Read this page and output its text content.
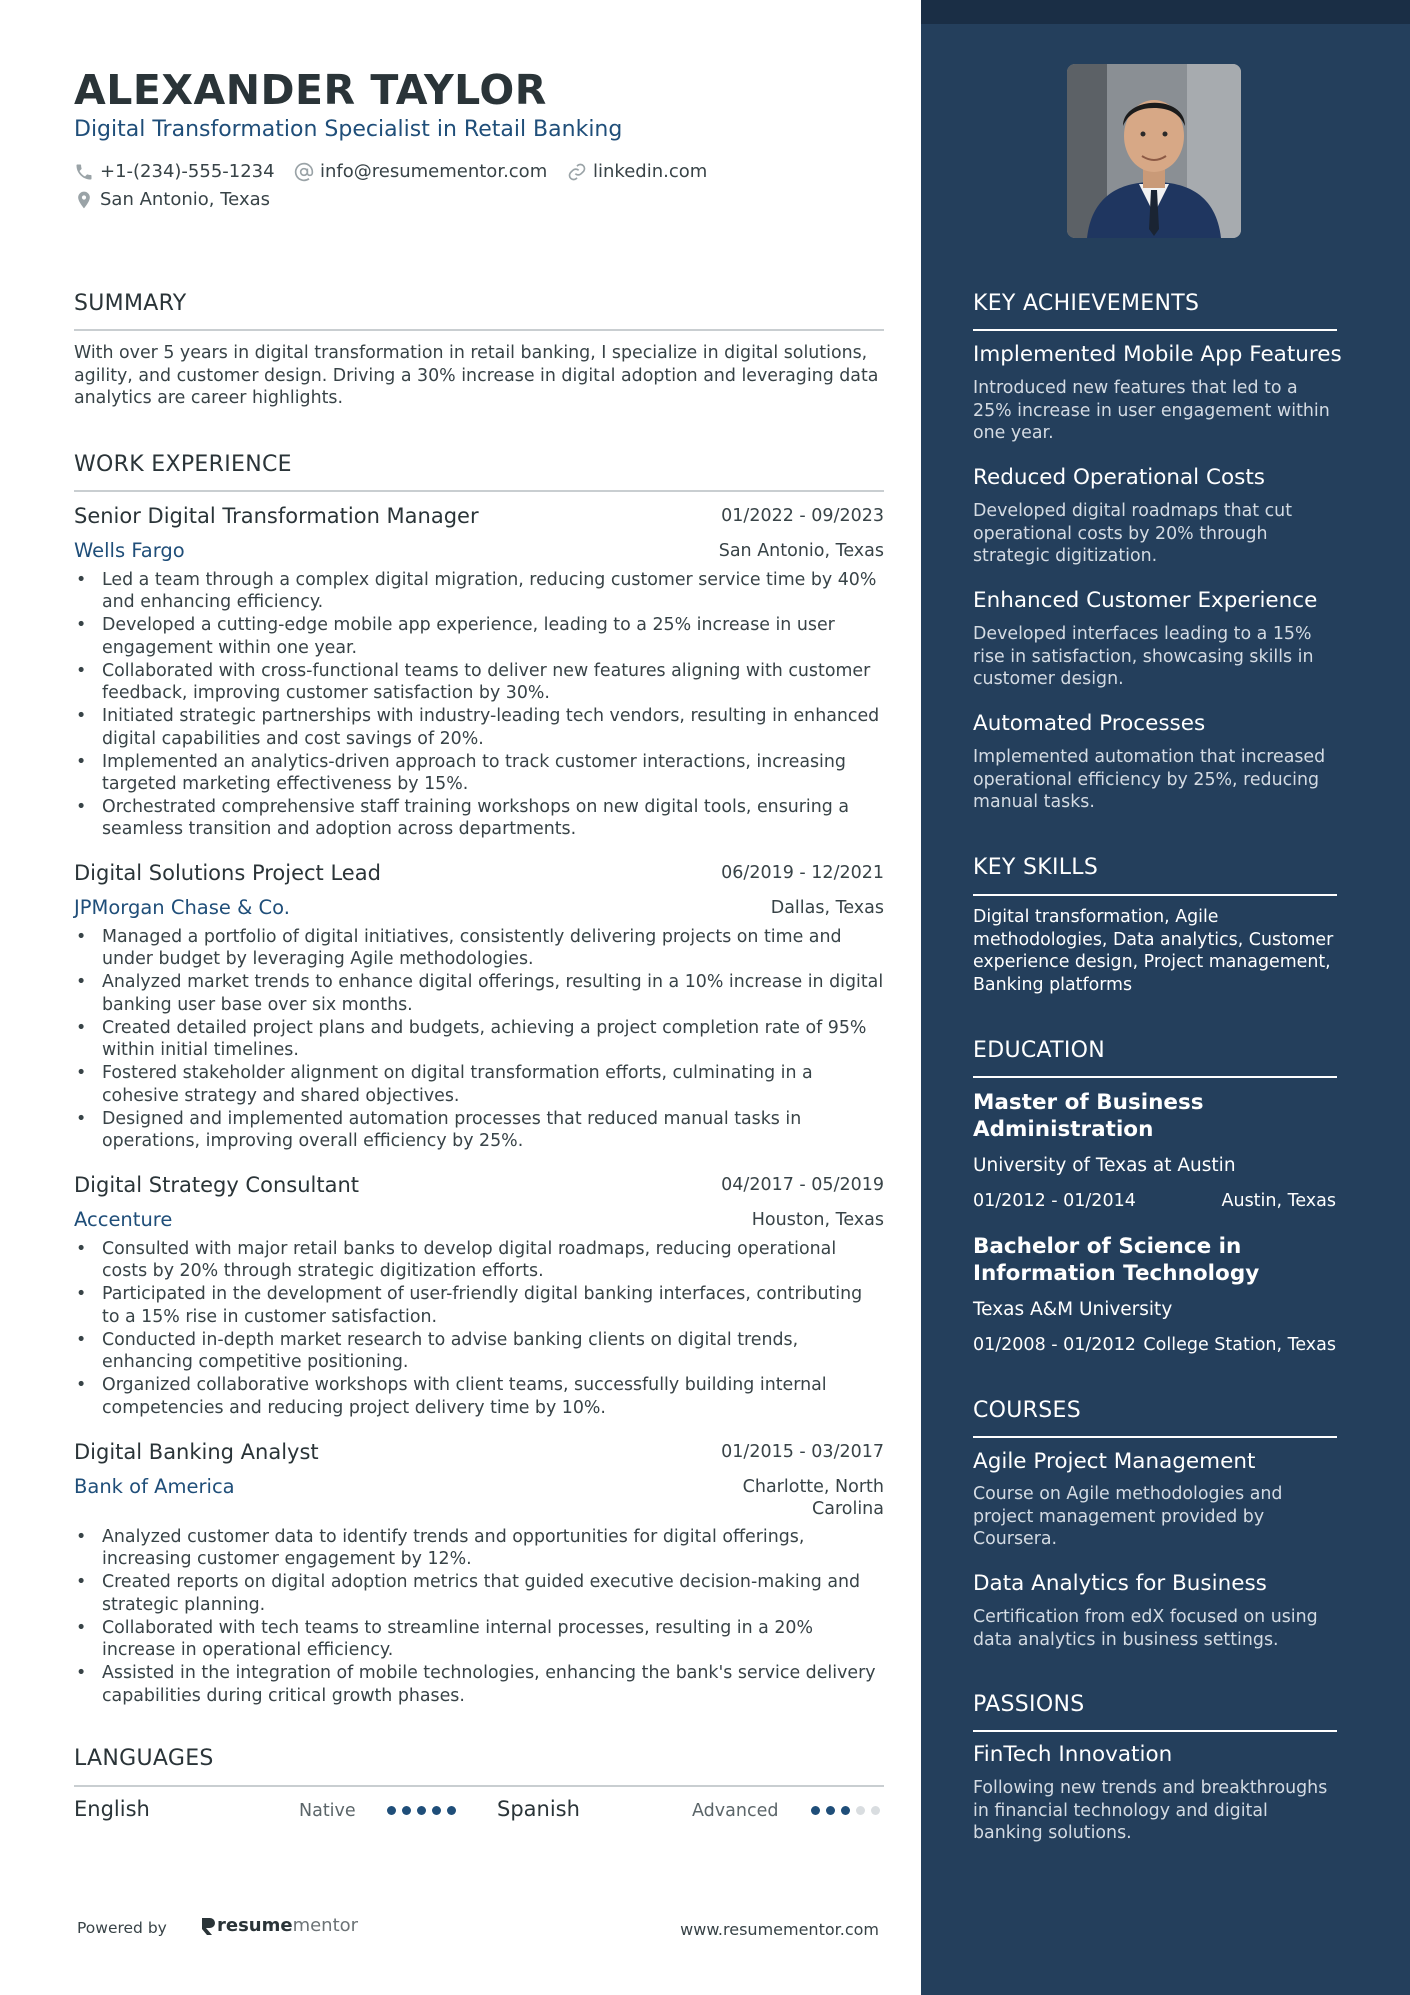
ALEXANDER TAYLOR
Digital Transformation Specialist in Retail Banking
+1-(234)-555-1234	info@resumementor.com	linkedin.com
San Antonio, Texas
SUMMARY
With over 5 years in digital transformation in retail banking, I specialize in digital solutions, agility, and customer design. Driving a 30% increase in digital adoption and leveraging data analytics are career highlights.
WORK EXPERIENCE
Senior Digital Transformation Manager	01/2022 - 09/2023
Wells Fargo	San Antonio, Texas
• Led a team through a complex digital migration, reducing customer service time by 40% and enhancing efficiency.
• Developed a cutting-edge mobile app experience, leading to a 25% increase in user engagement within one year.
• Collaborated with cross-functional teams to deliver new features aligning with customer feedback, improving customer satisfaction by 30%.
• Initiated strategic partnerships with industry-leading tech vendors, resulting in enhanced digital capabilities and cost savings of 20%.
• Implemented an analytics-driven approach to track customer interactions, increasing targeted marketing effectiveness by 15%.
• Orchestrated comprehensive staff training workshops on new digital tools, ensuring a seamless transition and adoption across departments.
Digital Solutions Project Lead	06/2019 - 12/2021
JPMorgan Chase & Co.	Dallas, Texas
• Managed a portfolio of digital initiatives, consistently delivering projects on time and under budget by leveraging Agile methodologies.
• Analyzed market trends to enhance digital offerings, resulting in a 10% increase in digital banking user base over six months.
• Created detailed project plans and budgets, achieving a project completion rate of 95% within initial timelines.
• Fostered stakeholder alignment on digital transformation efforts, culminating in a cohesive strategy and shared objectives.
• Designed and implemented automation processes that reduced manual tasks in operations, improving overall efficiency by 25%.
Digital Strategy Consultant	04/2017 - 05/2019
Accenture	Houston, Texas
• Consulted with major retail banks to develop digital roadmaps, reducing operational costs by 20% through strategic digitization efforts.
• Participated in the development of user-friendly digital banking interfaces, contributing to a 15% rise in customer satisfaction.
• Conducted in-depth market research to advise banking clients on digital trends, enhancing competitive positioning.
• Organized collaborative workshops with client teams, successfully building internal competencies and reducing project delivery time by 10%.
Digital Banking Analyst	01/2015 - 03/2017
Bank of America	Charlotte, North
Carolina
• Analyzed customer data to identify trends and opportunities for digital offerings, increasing customer engagement by 12%.
• Created reports on digital adoption metrics that guided executive decision-making and strategic planning.
• Collaborated with tech teams to streamline internal processes, resulting in a 20% increase in operational efficiency.
• Assisted in the integration of mobile technologies, enhancing the bank's service delivery capabilities during critical growth phases.
LANGUAGES
English	Native	Spanish	Advanced
Powered by	resume mentor	www.resumementor.com
KEY ACHIEVEMENTS
Implemented Mobile App Features
Introduced new features that led to a 25% increase in user engagement within one year.
Reduced Operational Costs
Developed digital roadmaps that cut operational costs by 20% through strategic digitization.
Enhanced Customer Experience
Developed interfaces leading to a 15% rise in satisfaction, showcasing skills in customer design.
Automated Processes
Implemented automation that increased operational efficiency by 25%, reducing manual tasks.
KEY SKILLS
Digital transformation, Agile methodologies, Data analytics, Customer experience design, Project management, Banking platforms
EDUCATION
Master of Business Administration
University of Texas at Austin
01/2012 - 01/2014	Austin, Texas
Bachelor of Science in Information Technology
Texas A&M University
01/2008 - 01/2012 College Station, Texas
COURSES
Agile Project Management
Course on Agile methodologies and project management provided by Coursera.
Data Analytics for Business
Certification from edX focused on using data analytics in business settings.
PASSIONS
FinTech Innovation
Following new trends and breakthroughs in financial technology and digital banking solutions.
